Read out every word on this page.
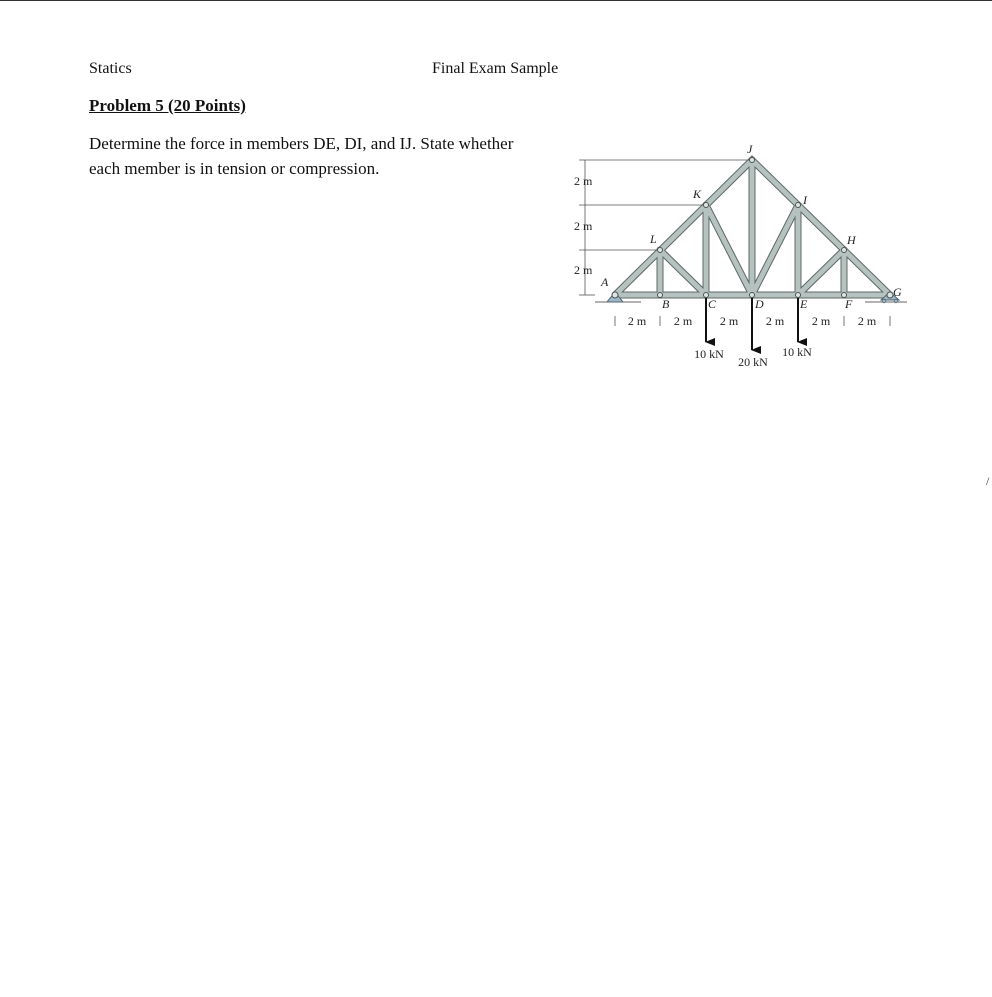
Statics	Final Exam Sample
Problem 5 (20 Points)
Determine the force in members DE, DI, and IJ. State whether each member is in tension or compression.
A
B	C	D	E	F
G
H
I
J
K
L
2 m
2 m
2 m
2 m 2 m 2 m 2 m 2 m 2 m
10 kN
20 kN
10 kN
/
